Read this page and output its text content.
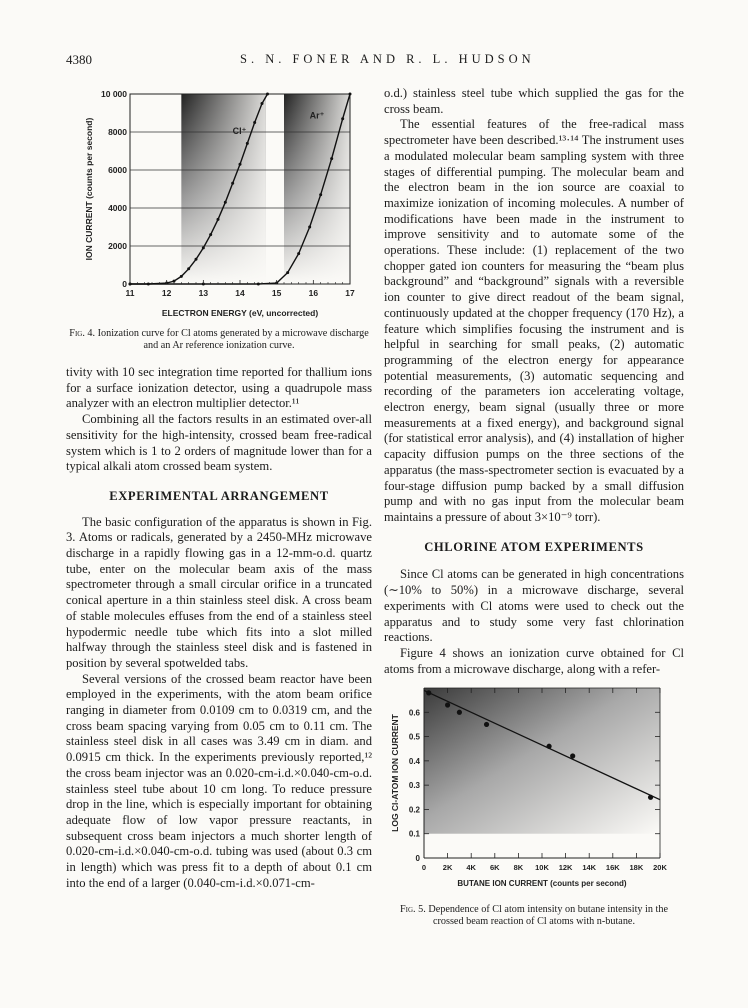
4380	S. N. FONER AND R. L. HUDSON
0
2000
4000
6000
8000
10 000
11	12	13	14	15	16	17
Cl⁺
Ar⁺
ELECTRON ENERGY (eV, uncorrected)
ION CURRENT (counts per second)
Fig. 4. Ionization curve for Cl atoms generated by a microwave discharge and an Ar reference ionization curve.

tivity with 10 sec integration time reported for thallium ions for a surface ionization detector, using a quadrupole mass analyzer with an electron multiplier detector.¹¹

Combining all the factors results in an estimated over-all sensitivity for the high-intensity, crossed beam free-radical system which is 1 to 2 orders of magnitude lower than for a typical alkali atom crossed beam system.

EXPERIMENTAL ARRANGEMENT

The basic configuration of the apparatus is shown in Fig. 3. Atoms or radicals, generated by a 2450-MHz microwave discharge in a rapidly flowing gas in a 12-mm-o.d. quartz tube, enter on the molecular beam axis of the mass spectrometer through a small circular orifice in a truncated conical aperture in a thin stainless steel disk. A cross beam of stable molecules effuses from the end of a stainless steel hypodermic needle tube which fits into a slot milled halfway through the stainless steel disk and is fastened in position by several spotwelded tabs.

Several versions of the crossed beam reactor have been employed in the experiments, with the atom beam orifice ranging in diameter from 0.0109 cm to 0.0319 cm, and the cross beam spacing varying from 0.05 cm to 0.11 cm. The stainless steel disk in all cases was 3.49 cm in diam. and 0.0915 cm thick. In the experiments previously reported,¹² the cross beam injector was an 0.020-cm-i.d.×0.040-cm-o.d. stainless steel tube about 10 cm long. To reduce pressure drop in the line, which is especially important for obtaining adequate flow of low vapor pressure reactants, in subsequent cross beam injectors a much shorter length of 0.020-cm-i.d.×0.040-cm-o.d. tubing was used (about 0.3 cm in length) which was press fit to a depth of about 0.1 cm into the end of a larger (0.040-cm-i.d.×0.071-cm-

o.d.) stainless steel tube which supplied the gas for the cross beam.

The essential features of the free-radical mass spectrometer have been described.¹³·¹⁴ The instrument uses a modulated molecular beam sampling system with three stages of differential pumping. The molecular beam and the electron beam in the ion source are coaxial to maximize ionization of incoming molecules. A number of modifications have been made in the instrument to improve sensitivity and to automate some of the operations. These include: (1) replacement of the two chopper gated ion counters for measuring the “beam plus background” and “background” signals with a reversible ion counter to give direct readout of the beam signal, continuously updated at the chopper frequency (170 Hz), a feature which simplifies focusing the instrument and is helpful in searching for small peaks, (2) automatic programming of the electron energy for appearance potential measurements, (3) automatic sequencing and recording of the parameters ion accelerating voltage, electron energy, beam signal (usually three or more measurements at a fixed energy), and background signal (for statistical error analysis), and (4) installation of higher capacity diffusion pumps on the three sections of the apparatus (the mass-spectrometer section is evacuated by a four-stage diffusion pump backed by a small diffusion pump and with no gas input from the molecular beam maintains a pressure of about 3×10⁻⁹ torr).

CHLORINE ATOM EXPERIMENTS

Since Cl atoms can be generated in high concentrations (∼10% to 50%) in a microwave discharge, several experiments with Cl atoms were used to check out the apparatus and to study some very fast chlorination reactions.

Figure 4 shows an ionization curve obtained for Cl atoms from a microwave discharge, along with a refer-

0
0.1
0.2
0.3
0.4
0.5
0.6
0 2K 4K 6K 8K 10K 12K 14K 16K 18K 20K
BUTANE ION CURRENT (counts per second)
LOG Cl-ATOM ION CURRENT
Fig. 5. Dependence of Cl atom intensity on butane intensity in the crossed beam reaction of Cl atoms with n-butane.
